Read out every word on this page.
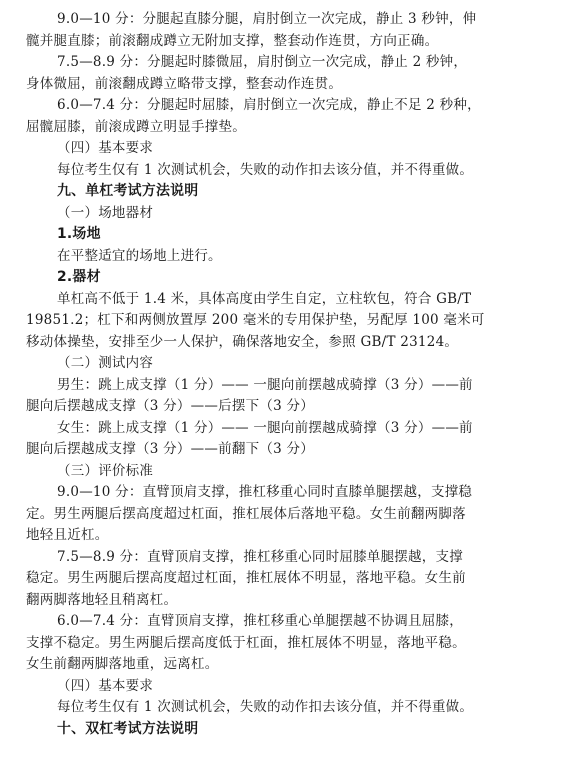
9.0—10 分：分腿起直膝分腿，肩肘倒立一次完成，静止 3 秒钟，伸
髋并腿直膝；前滚翻成蹲立无附加支撑，整套动作连贯，方向正确。
7.5—8.9 分：分腿起时膝微屈，肩肘倒立一次完成，静止 2 秒钟，
身体微屈，前滚翻成蹲立略带支撑，整套动作连贯。
6.0—7.4 分：分腿起时屈膝，肩肘倒立一次完成，静止不足 2 秒种，
屈髋屈膝，前滚成蹲立明显手撑垫。
（四）基本要求
每位考生仅有 1 次测试机会，失败的动作扣去该分值，并不得重做。
九、单杠考试方法说明
（一）场地器材
1.场地
在平整适宜的场地上进行。
2.器材
单杠高不低于 1.4 米，具体高度由学生自定，立柱软包，符合 GB/T
19851.2；杠下和两侧放置厚 200 毫米的专用保护垫，另配厚 100 毫米可
移动体操垫，安排至少一人保护，确保落地安全，参照 GB/T 23124。
（二）测试内容
男生：跳上成支撑（1 分）—— 一腿向前摆越成骑撑（3 分）——前
腿向后摆越成支撑（3 分）——后摆下（3 分）
女生：跳上成支撑（1 分）—— 一腿向前摆越成骑撑（3 分）——前
腿向后摆越成支撑（3 分）——前翻下（3 分）
（三）评价标准
9.0—10 分：直臂顶肩支撑，推杠移重心同时直膝单腿摆越，支撑稳
定。男生两腿后摆高度超过杠面，推杠展体后落地平稳。女生前翻两脚落
地轻且近杠。
7.5—8.9 分：直臂顶肩支撑，推杠移重心同时屈膝单腿摆越，支撑
稳定。男生两腿后摆高度超过杠面，推杠展体不明显，落地平稳。女生前
翻两脚落地轻且稍离杠。
6.0—7.4 分：直臂顶肩支撑，推杠移重心单腿摆越不协调且屈膝，
支撑不稳定。男生两腿后摆高度低于杠面，推杠展体不明显，落地平稳。
女生前翻两脚落地重，远离杠。
（四）基本要求
每位考生仅有 1 次测试机会，失败的动作扣去该分值，并不得重做。
十、双杠考试方法说明
